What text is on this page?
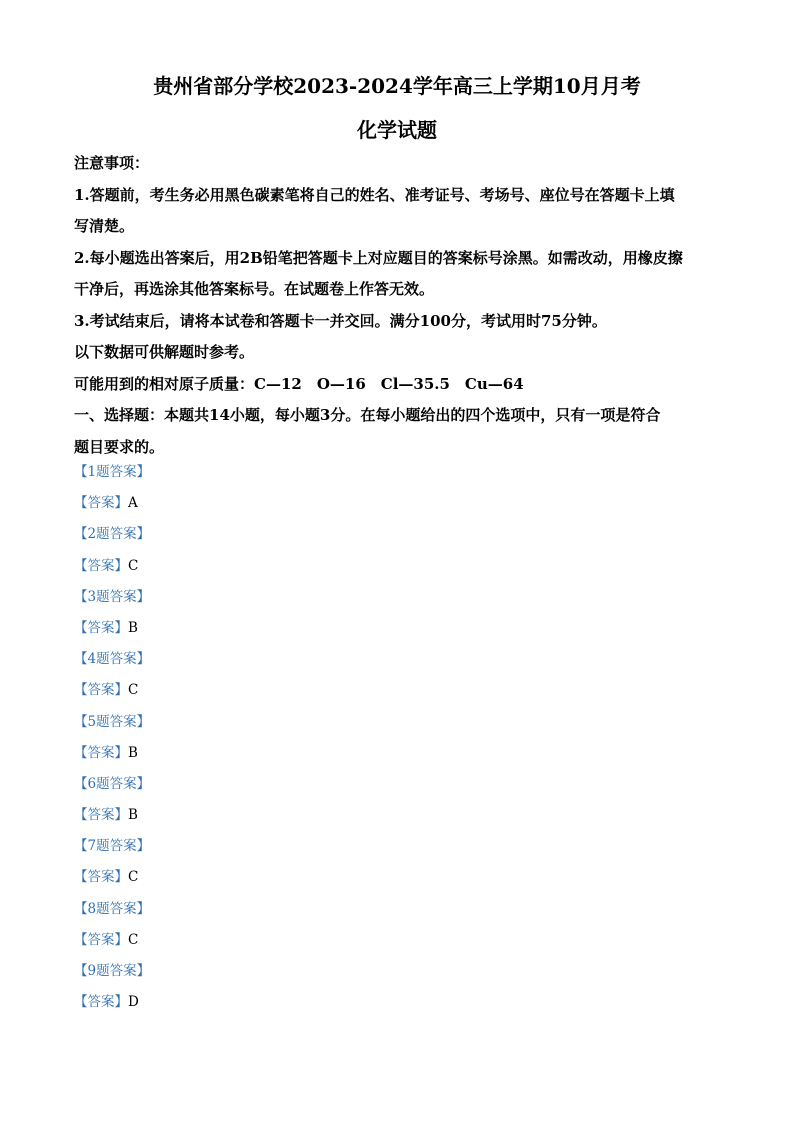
贵州省部分学校2023-2024学年高三上学期10月月考
化学试题
注意事项：
1.答题前，考生务必用黑色碳素笔将自己的姓名、准考证号、考场号、座位号在答题卡上填
写清楚。
2.每小题选出答案后，用2B铅笔把答题卡上对应题目的答案标号涂黑。如需改动，用橡皮擦
干净后，再选涂其他答案标号。在试题卷上作答无效。
3.考试结束后，请将本试卷和答题卡一并交回。满分100分，考试用时75分钟。
以下数据可供解题时参考。
可能用到的相对原子质量：C—12　O—16　Cl—35.5　Cu—64
一、选择题：本题共14小题，每小题3分。在每小题给出的四个选项中，只有一项是符合
题目要求的。
【1题答案】
【答案】A
【2题答案】
【答案】C
【3题答案】
【答案】B
【4题答案】
【答案】C
【5题答案】
【答案】B
【6题答案】
【答案】B
【7题答案】
【答案】C
【8题答案】
【答案】C
【9题答案】
【答案】D
